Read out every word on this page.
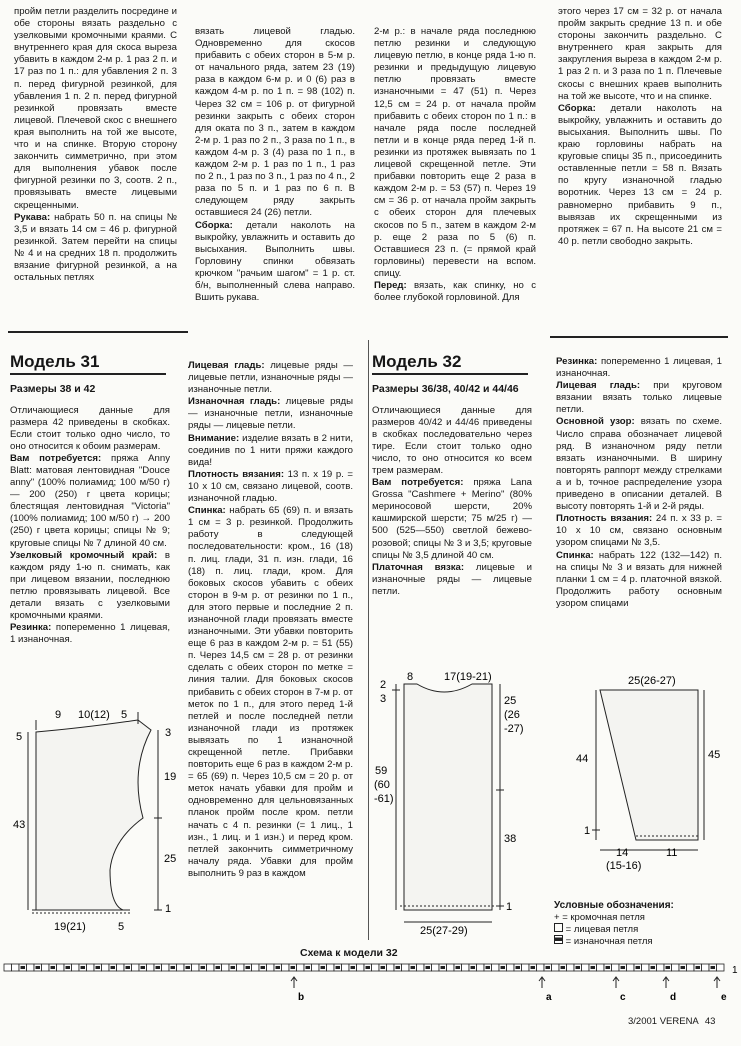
пройм петли разделить посредине и обе стороны вязать раздельно с узелковыми кромочными краями. С внутреннего края для скоса выреза убавить в каждом 2-м р. 1 раз 2 п. и 17 раз по 1 п.: для убавления 2 п. 3 п. перед фигурной резинкой, для убавления 1 п. 2 п. перед фигурной резинкой провязать вместе лицевой. Плечевой скос с внешнего края выполнить на той же высоте, что и на спинке. Вторую сторону закончить симметрично, при этом для выполнения убавок после фигурной резинки по 3, соотв. 2 п., провязывать вместе лицевыми скрещенными.

Рукава: набрать 50 п. на спицы № 3,5 и вязать 14 см = 46 р. фигурной резинкой. Затем перейти на спицы № 4 и на средних 18 п. продолжить вязание фигурной резинкой, а на остальных петлях

вязать лицевой гладью. Одновременно для скосов прибавить с обеих сторон в 5-м р. от начального ряда, затем 23 (19) раза в каждом 6-м р. и 0 (6) раз в каждом 4-м р. по 1 п. = 98 (102) п. Через 32 см = 106 р. от фигурной резинки закрыть с обеих сторон для оката по 3 п., затем в каждом 2-м р. 1 раз по 2 п., 3 раза по 1 п., в каждом 4-м р. 3 (4) раза по 1 п., в каждом 2-м р. 1 раз по 1 п., 1 раз по 2 п., 1 раз по 3 п., 1 раз по 4 п., 2 раза по 5 п. и 1 раз по 6 п. В следующем ряду закрыть оставшиеся 24 (26) петли.

Сборка: детали наколоть на выкройку, увлажнить и оставить до высыхания. Выполнить швы. Горловину спинки обвязать крючком "рачьим шагом" = 1 р. ст. б/н, выполненный слева направо. Вшить рукава.

2-м р.: в начале ряда последнюю петлю резинки и следующую лицевую петлю, в конце ряда 1-ю п. резинки и предыдущую лицевую петлю провязать вместе изнаночными = 47 (51) п. Через 12,5 см = 24 р. от начала пройм прибавить с обеих сторон по 1 п.: в начале ряда после последней петли и в конце ряда перед 1-й п. резинки из протяжек вывязать по 1 лицевой скрещенной петле. Эти прибавки повторить еще 2 раза в каждом 2-м р. = 53 (57) п. Через 19 см = 36 р. от начала пройм закрыть с обеих сторон для плечевых скосов по 5 п., затем в каждом 2-м р. еще 2 раза по 5 (6) п. Оставшиеся 23 п. (= прямой край горловины) перевести на вспом. спицу.

Перед: вязать, как спинку, но с более глубокой горловиной. Для

этого через 17 см = 32 р. от начала пройм закрыть средние 13 п. и обе стороны закончить раздельно. С внутреннего края закрыть для закругления выреза в каждом 2-м р. 1 раз 2 п. и 3 раза по 1 п. Плечевые скосы с внешних краев выполнить на той же высоте, что и на спинке.

Сборка: детали наколоть на выкройку, увлажнить и оставить до высыхания. Выполнить швы. По краю горловины набрать на круговые спицы 35 п., присоединить оставленные петли = 58 п. Вязать по кругу изнаночной гладью воротник. Через 13 см = 24 р. равномерно прибавить 9 п., вывязав их скрещенными из протяжек = 67 п. На высоте 21 см = 40 р. петли свободно закрыть.

Модель 31

Размеры 38 и 42

Отличающиеся данные для размера 42 приведены в скобках. Если стоит только одно число, то оно относится к обоим размерам.

Вам потребуется: пряжа Anny Blatt: матовая лентовидная "Douce anny" (100% полиамид; 100 м/50 г) — 200 (250) г цвета корицы; блестящая лентовидная "Victoria" (100% полиамид; 100 м/50 г) → 200 (250) г цвета корицы; спицы № 9; круговые спицы № 7 длиной 40 см.

Узелковый кромочный край: в каждом ряду 1-ю п. снимать, как при лицевом вязании, последнюю петлю провязывать лицевой. Все детали вязать с узелковыми кромочными краями.

Резинка: попеременно 1 лицевая, 1 изнаночная.

Лицевая гладь: лицевые ряды — лицевые петли, изнаночные ряды — изнаночные петли.

Изнаночная гладь: лицевые ряды — изнаночные петли, изнаночные ряды — лицевые петли.

Внимание: изделие вязать в 2 нити, соединив по 1 нити пряжи каждого вида!

Плотность вязания: 13 п. х 19 р. = 10 х 10 см, связано лицевой, соотв. изнаночной гладью.

Спинка: набрать 65 (69) п. и вязать 1 см = 3 р. резинкой. Продолжить работу в следующей последовательности: кром., 16 (18) п. лиц. глади, 31 п. изн. глади, 16 (18) п. лиц. глади, кром. Для боковых скосов убавить с обеих сторон в 9-м р. от резинки по 1 п., для этого первые и последние 2 п. изнаночной глади провязать вместе изнаночными. Эти убавки повторить еще 6 раз в каждом 2-м р. = 51 (55) п. Через 14,5 см = 28 р. от резинки сделать с обеих сторон по метке = линия талии. Для боковых скосов прибавить с обеих сторон в 7-м р. от меток по 1 п., для этого перед 1-й петлей и после последней петли изнаночной глади из протяжек вывязать по 1 изнаночной скрещенной петле. Прибавки повторить еще 6 раз в каждом 2-м р. = 65 (69) п. Через 10,5 см = 20 р. от меток начать убавки для пройм и одновременно для цельновязанных планок пройм после кром. петли начать с 4 п. резинки (= 1 лиц., 1 изн., 1 лиц. и 1 изн.) и перед кром. петлей закончить симметричному началу ряда. Убавки для пройм выполнить 9 раз в каждом

9 10(12) 5
5
43
3
19
25
1
19(21)	5

Модель 32

Размеры 36/38, 40/42 и 44/46

Отличающиеся данные для размеров 40/42 и 44/46 приведены в скобках последовательно через тире. Если стоит только одно число, то оно относится ко всем трем размерам.

Вам потребуется: пряжа Lana Grossa "Cashmere + Merino" (80% мериносовой шерсти, 20% кашмирской шерсти; 75 м/25 г) — 500 (525—550) светлой бежево-розовой; спицы № 3 и 3,5; круговые спицы № 3,5 длиной 40 см.

Платочная вязка: лицевые и изнаночные ряды — лицевые петли.

Резинка: попеременно 1 лицевая, 1 изнаночная.

Лицевая гладь: при круговом вязании вязать только лицевые петли.

Основной узор: вязать по схеме. Число справа обозначает лицевой ряд. В изнаночном ряду петли вязать изнаночными. В ширину повторять раппорт между стрелками a и b, точное распределение узора приведено в описании деталей. В высоту повторять 1-й и 2-й ряды.

Плотность вязания: 24 п. х 33 р. = 10 х 10 см, связано основным узором спицами № 3,5.

Спинка: набрать 122 (132—142) п. на спицы № 3 и вязать для нижней планки 1 см = 4 р. платочной вязкой. Продолжить работу основным узором спицами

8	17(19-21)
2
3
59
(60
-61)
25
(26
-27)
38
1
25(27-29)
25(26-27)
44
1
45
14	11
(15-16)
Условные обозначения:
+ = кромочная петля
= лицевая петля
= изнаночная петля
Схема к модели 32
1
b	a	c	d	e
3/2001 VERENA 43
